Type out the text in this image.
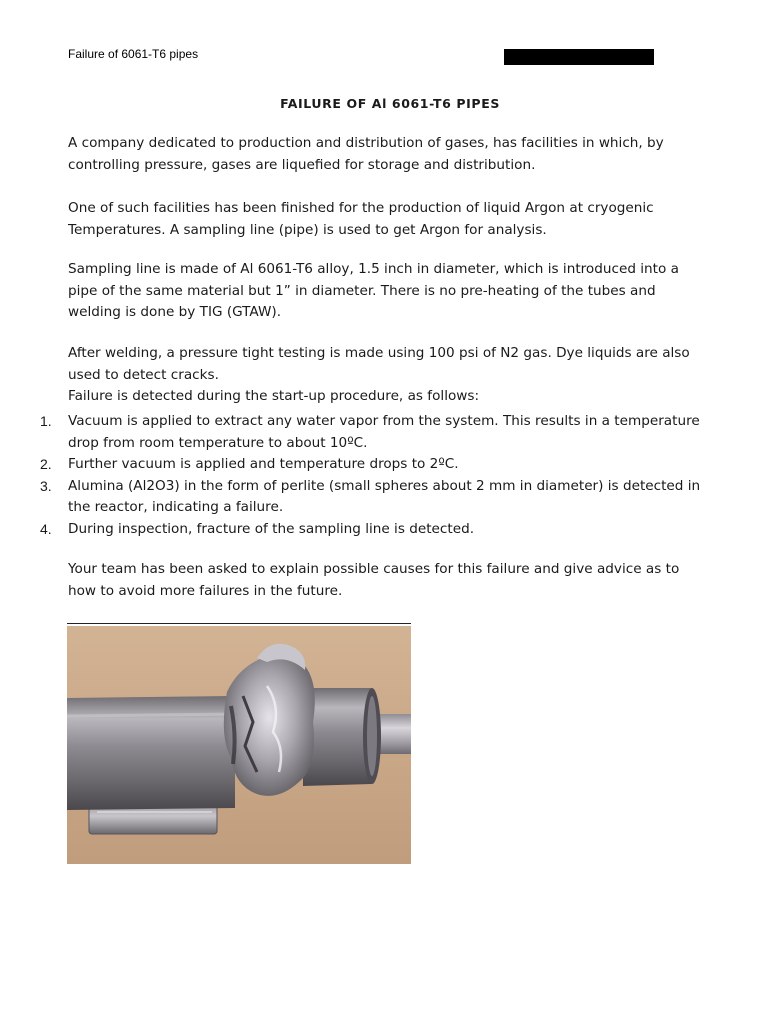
Failure of 6061-T6 pipes
FAILURE OF Al 6061-T6 PIPES

A company dedicated to production and distribution of gases, has facilities in which, by controlling pressure, gases are liquefied for storage and distribution.

One of such facilities has been finished for the production of liquid Argon at cryogenic Temperatures. A sampling line (pipe) is used to get Argon for analysis.

Sampling line is made of Al 6061-T6 alloy, 1.5 inch in diameter, which is introduced into a pipe of the same material but 1” in diameter. There is no pre-heating of the tubes and welding is done by TIG (GTAW).

After welding, a pressure tight testing is made using 100 psi of N2 gas. Dye liquids are also used to detect cracks.

Failure is detected during the start-up procedure, as follows:

1. Vacuum is applied to extract any water vapor from the system. This results in a temperature drop from room temperature to about 10ºC.
2. Further vacuum is applied and temperature drops to 2ºC.
3. Alumina (Al2O3) in the form of perlite (small spheres about 2 mm in diameter) is detected in the reactor, indicating a failure.
4. During inspection, fracture of the sampling line is detected.

Your team has been asked to explain possible causes for this failure and give advice as to how to avoid more failures in the future.
